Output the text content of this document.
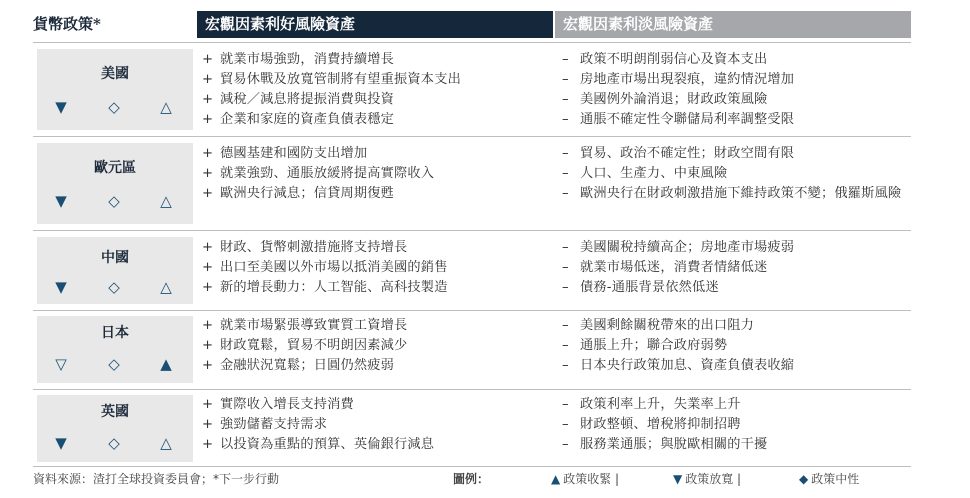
貨幣政策*	宏觀因素利好風險資產	宏觀因素利淡風險資產
美國
▼	◇	△
+ 就業市場強勁，消費持續增長
+ 貿易休戰及放寬管制將有望重振資本支出
+ 減稅／減息將提振消費與投資
+ 企業和家庭的資產負債表穩定
– 政策不明朗削弱信心及資本支出
– 房地產市場出現裂痕，違約情況增加
– 美國例外論消退；財政政策風險
– 通脹不確定性令聯儲局利率調整受限
歐元區
▼	◇	△
+ 德國基建和國防支出增加
+ 就業強勁、通脹放緩將提高實際收入
+ 歐洲央行減息；信貸周期復甦
– 貿易、政治不確定性；財政空間有限
– 人口、生產力、中東風險
– 歐洲央行在財政刺激措施下維持政策不變；俄羅斯風險
中國
▼	◇	△
+ 財政、貨幣刺激措施將支持增長
+ 出口至美國以外市場以抵消美國的銷售
+ 新的增長動力：人工智能、高科技製造
– 美國關稅持續高企；房地產市場疲弱
– 就業市場低迷，消費者情緒低迷
– 債務-通脹背景依然低迷
日本
▽	◇	▲
+ 就業市場緊張導致實質工資增長
+ 財政寬鬆，貿易不明朗因素減少
+ 金融狀況寬鬆；日圓仍然疲弱
– 美國剩餘關稅帶來的出口阻力
– 通脹上升；聯合政府弱勢
– 日本央行政策加息、資產負債表收縮
英國
▼	◇	△
+ 實際收入增長支持消費
+ 強勁儲蓄支持需求
+ 以投資為重點的預算、英倫銀行減息
– 政策利率上升，失業率上升
– 財政整頓、增稅將抑制招聘
– 服務業通脹；與脫歐相關的干擾
資料來源：渣打全球投資委員會；*下一步行動	圖例：	▲ 政策收緊 |	▼ 政策放寬 |	◆ 政策中性
